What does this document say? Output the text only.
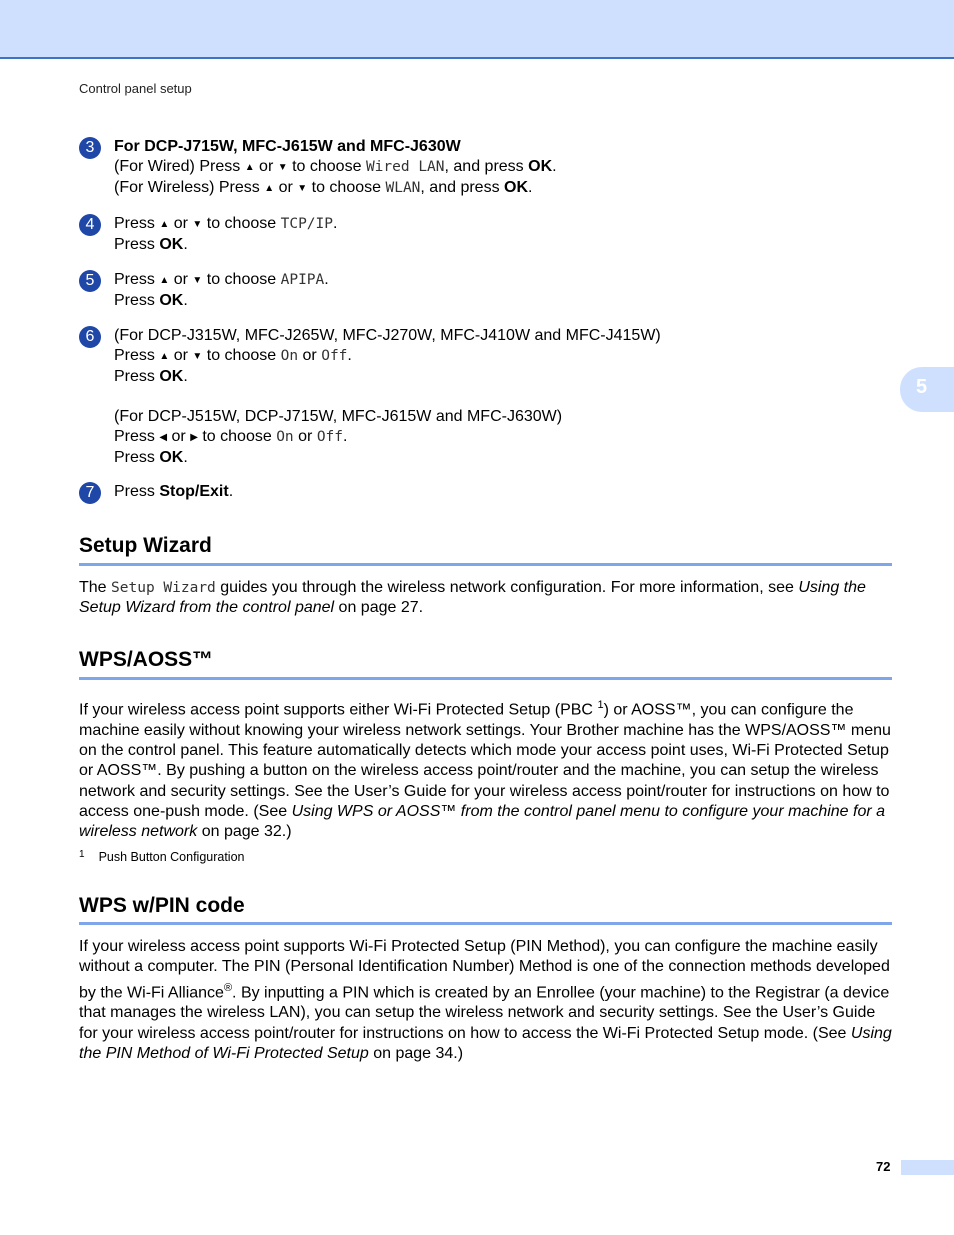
Control panel setup
5
3	For DCP-J715W, MFC-J615W and MFC-J630W
(For Wired) Press ▲ or ▼ to choose Wired LAN, and press OK.
(For Wireless) Press ▲ or ▼ to choose WLAN, and press OK.
4	Press ▲ or ▼ to choose TCP/IP.
Press OK.
5	Press ▲ or ▼ to choose APIPA.
Press OK.
6	(For DCP-J315W, MFC-J265W, MFC-J270W, MFC-J410W and MFC-J415W)
Press ▲ or ▼ to choose On or Off.
Press OK.
(For DCP-J515W, DCP-J715W, MFC-J615W and MFC-J630W)
Press ◀ or ▶ to choose On or Off.
Press OK.
7	Press Stop/Exit.
Setup Wizard

The Setup Wizard guides you through the wireless network configuration. For more information, see Using the Setup Wizard from the control panel on page 27.

WPS/AOSS™

If your wireless access point supports either Wi-Fi Protected Setup (PBC $^1$) or AOSS™, you can configure the machine easily without knowing your wireless network settings. Your Brother machine has the WPS/AOSS™ menu on the control panel. This feature automatically detects which mode your access point uses, Wi-Fi Protected Setup or AOSS™. By pushing a button on the wireless access point/router and the machine, you can setup the wireless network and security settings. See the User’s Guide for your wireless access point/router for instructions on how to access one-push mode. (See Using WPS or AOSS™ from the control panel menu to configure your machine for a wireless network on page 32.)

$^1$ Push Button Configuration
WPS w/PIN code

If your wireless access point supports Wi-Fi Protected Setup (PIN Method), you can configure the machine easily without a computer. The PIN (Personal Identification Number) Method is one of the connection methods developed by the Wi-Fi Alliance®. By inputting a PIN which is created by an Enrollee (your machine) to the Registrar (a device that manages the wireless LAN), you can setup the wireless network and security settings. See the User’s Guide for your wireless access point/router for instructions on how to access the Wi-Fi Protected Setup mode. (See Using the PIN Method of Wi-Fi Protected Setup on page 34.)

72
